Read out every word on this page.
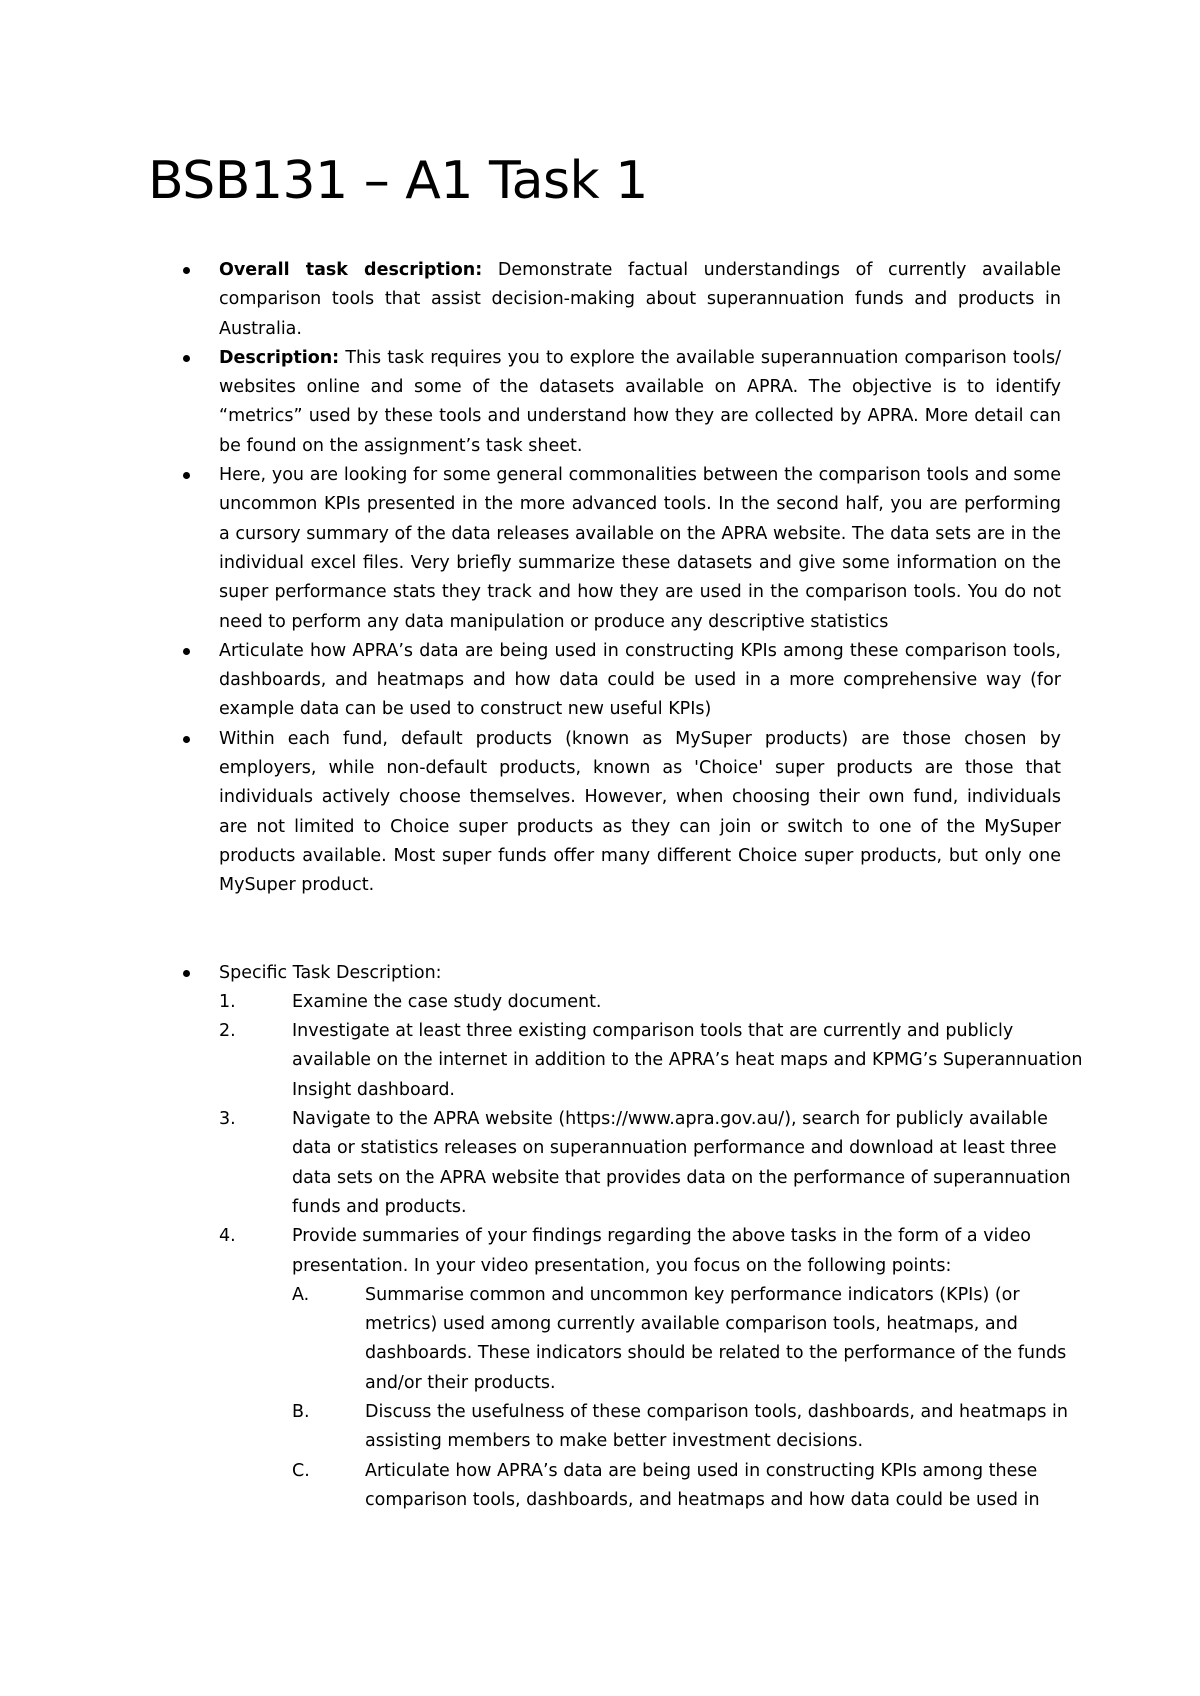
BSB131 – A1 Task 1
Overall task description: Demonstrate factual understandings of currently available comparison tools that assist decision-making about superannuation funds and products in Australia.
Description: This task requires you to explore the available superannuation comparison tools/ websites online and some of the datasets available on APRA. The objective is to identify “metrics” used by these tools and understand how they are collected by APRA. More detail can be found on the assignment’s task sheet.
Here, you are looking for some general commonalities between the comparison tools and some uncommon KPIs presented in the more advanced tools. In the second half, you are performing a cursory summary of the data releases available on the APRA website. The data sets are in the individual excel files. Very briefly summarize these datasets and give some information on the super performance stats they track and how they are used in the comparison tools. You do not need to perform any data manipulation or produce any descriptive statistics
Articulate how APRA’s data are being used in constructing KPIs among these comparison tools, dashboards, and heatmaps and how data could be used in a more comprehensive way (for example data can be used to construct new useful KPIs)
Within each fund, default products (known as MySuper products) are those chosen by employers, while non-default products, known as 'Choice' super products are those that individuals actively choose themselves. However, when choosing their own fund, individuals are not limited to Choice super products as they can join or switch to one of the MySuper products available. Most super funds offer many different Choice super products, but only one MySuper product.
Specific Task Description:
1.	Examine the case study document.
2.	Investigate at least three existing comparison tools that are currently and publicly available on the internet in addition to the APRA’s heat maps and KPMG’s Superannuation Insight dashboard.
3.	Navigate to the APRA website (https://www.apra.gov.au/), search for publicly available data or statistics releases on superannuation performance and download at least three data sets on the APRA website that provides data on the performance of superannuation funds and products.
4.	Provide summaries of your findings regarding the above tasks in the form of a video presentation. In your video presentation, you focus on the following points:
A.	Summarise common and uncommon key performance indicators (KPIs) (or metrics) used among currently available comparison tools, heatmaps, and dashboards. These indicators should be related to the performance of the funds and/or their products.
B.	Discuss the usefulness of these comparison tools, dashboards, and heatmaps in assisting members to make better investment decisions.
C.	Articulate how APRA’s data are being used in constructing KPIs among these comparison tools, dashboards, and heatmaps and how data could be used in
